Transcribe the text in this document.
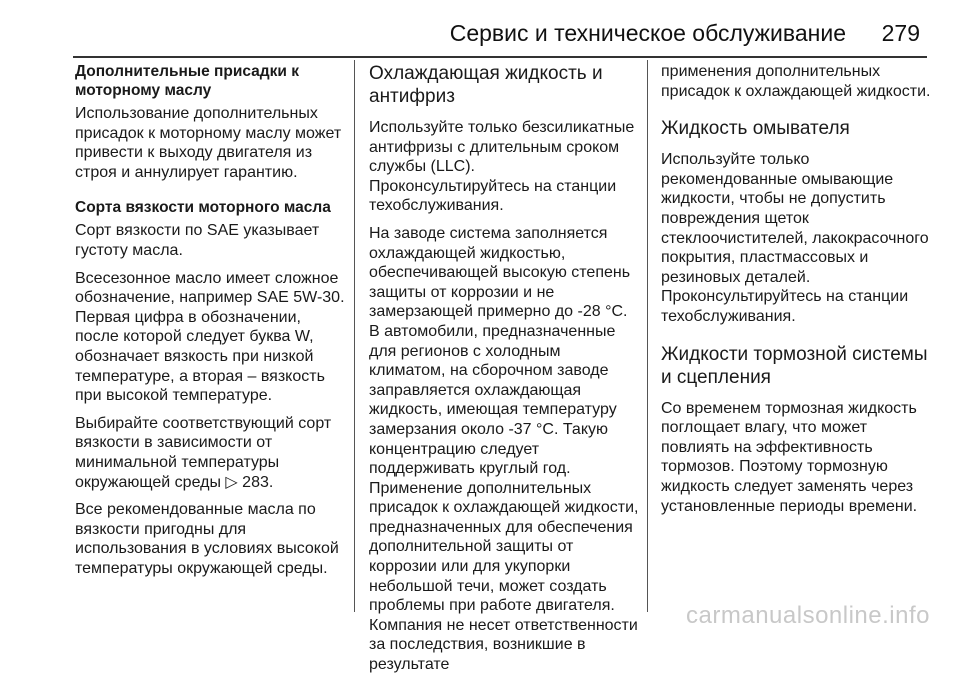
Сервис и техническое обслуживание 279
Дополнительные присадки к моторному маслу
Использование дополнительных присадок к моторному маслу может привести к выходу двигателя из строя и аннулирует гарантию.
Сорта вязкости моторного масла
Сорт вязкости по SAE указывает густоту масла.
Всесезонное масло имеет сложное обозначение, например SAE 5W-30. Первая цифра в обозначении, после которой следует буква W, обозначает вязкость при низкой температуре, а вторая – вязкость при высокой температуре.
Выбирайте соответствующий сорт вязкости в зависимости от минимальной температуры окружающей среды ▷ 283.
Все рекомендованные масла по вязкости пригодны для использования в условиях высокой температуры окружающей среды.
Охлаждающая жидкость и антифриз
Используйте только безсиликатные антифризы с длительным сроком службы (LLC). Проконсультируйтесь на станции техобслуживания.
На заводе система заполняется охлаждающей жидкостью, обеспечивающей высокую степень защиты от коррозии и не замерзающей примерно до -28 °C. В автомобили, предназначенные для регионов с холодным климатом, на сборочном заводе заправляется охлаждающая жидкость, имеющая температуру замерзания около -37 °C. Такую концентрацию следует поддерживать круглый год. Применение дополнительных присадок к охлаждающей жидкости, предназначенных для обеспечения дополнительной защиты от коррозии или для укупорки небольшой течи, может создать проблемы при работе двигателя. Компания не несет ответственности за последствия, возникшие в результате
применения дополнительных присадок к охлаждающей жидкости.
Жидкость омывателя
Используйте только рекомендованные омывающие жидкости, чтобы не допустить повреждения щеток стеклоочистителей, лакокрасочного покрытия, пластмассовых и резиновых деталей. Проконсультируйтесь на станции техобслуживания.
Жидкости тормозной системы и сцепления
Со временем тормозная жидкость поглощает влагу, что может повлиять на эффективность тормозов. Поэтому тормозную жидкость следует заменять через установленные периоды времени.
carmanualsonline.info
